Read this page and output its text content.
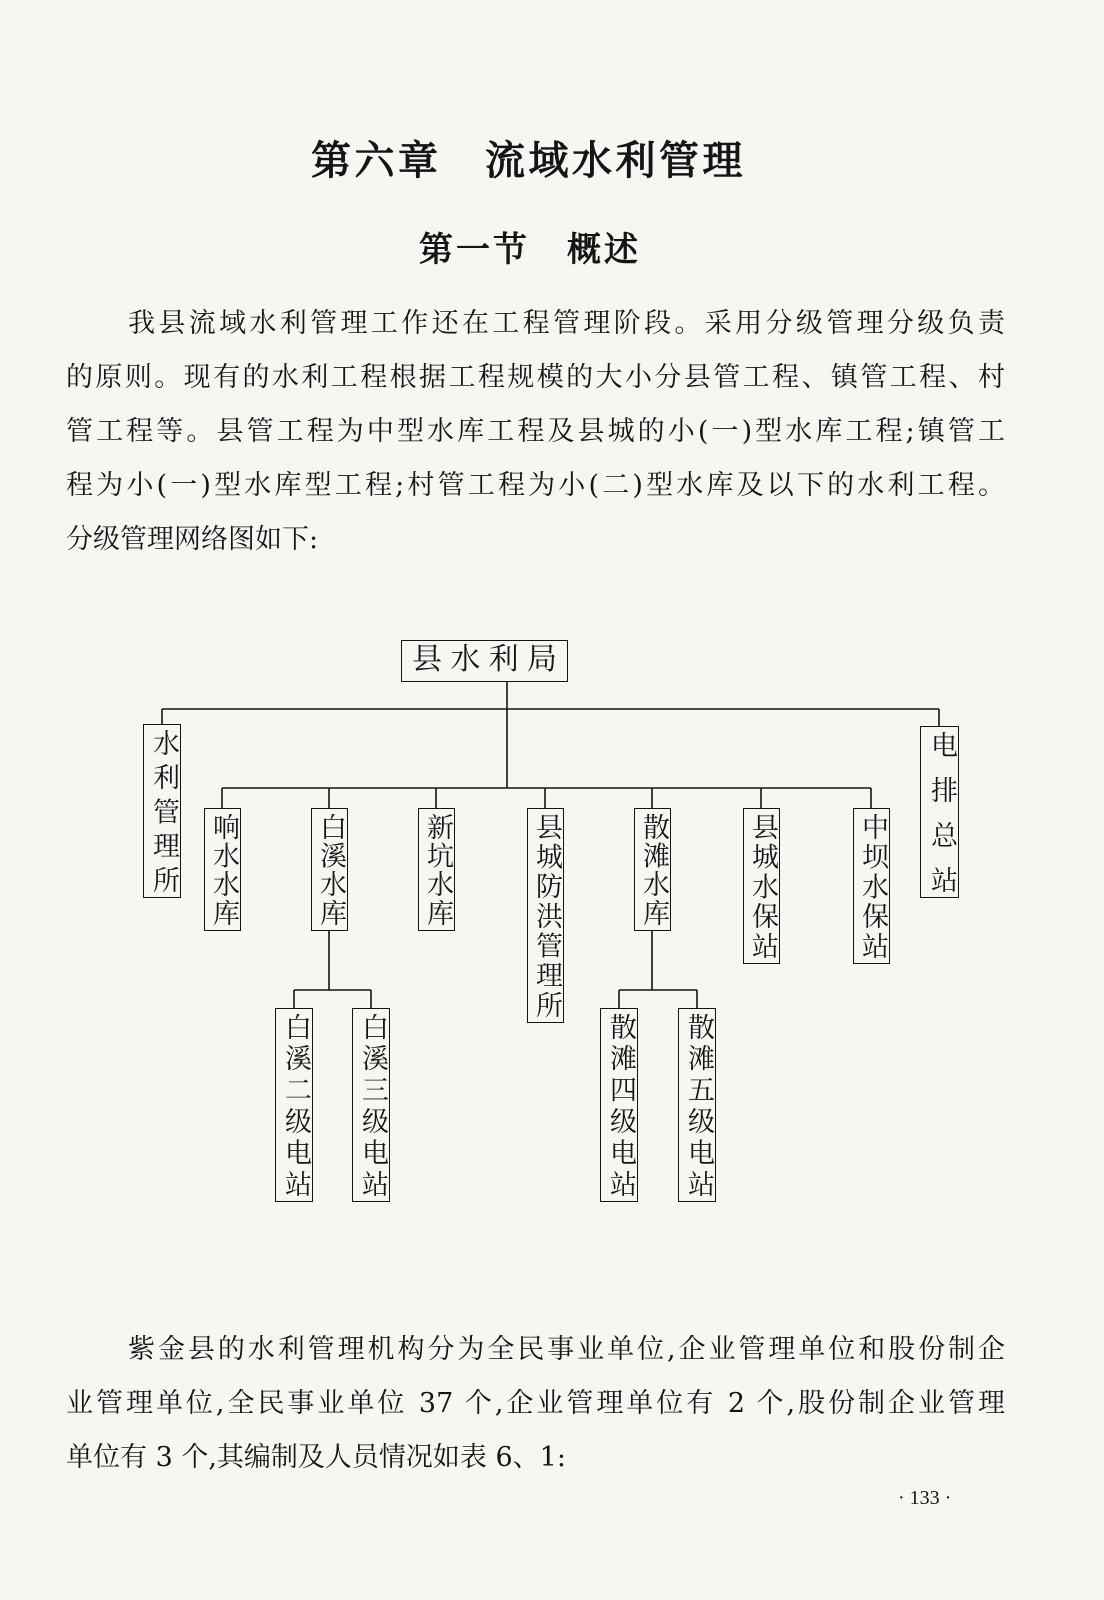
第六章　流域水利管理
第一节　概述
我县流域水利管理工作还在工程管理阶段。采用分级管理分级负责
的原则。现有的水利工程根据工程规模的大小分县管工程、镇管工程、村
管工程等。县管工程为中型水库工程及县城的小(一)型水库工程;镇管工
程为小(一)型水库型工程;村管工程为小(二)型水库及以下的水利工程。
分级管理网络图如下:
县水利局
水利管理所	电排总站
响水水库	白溪水库	新坑水库	县城防洪管理所	散滩水库	县城水保站	中坝水保站
白溪二级电站 白溪三级电站	散滩四级电站 散滩五级电站
紫金县的水利管理机构分为全民事业单位,企业管理单位和股份制企
业管理单位,全民事业单位 37 个,企业管理单位有 2 个,股份制企业管理
单位有 3 个,其编制及人员情况如表 6、1:
· 133 ·
